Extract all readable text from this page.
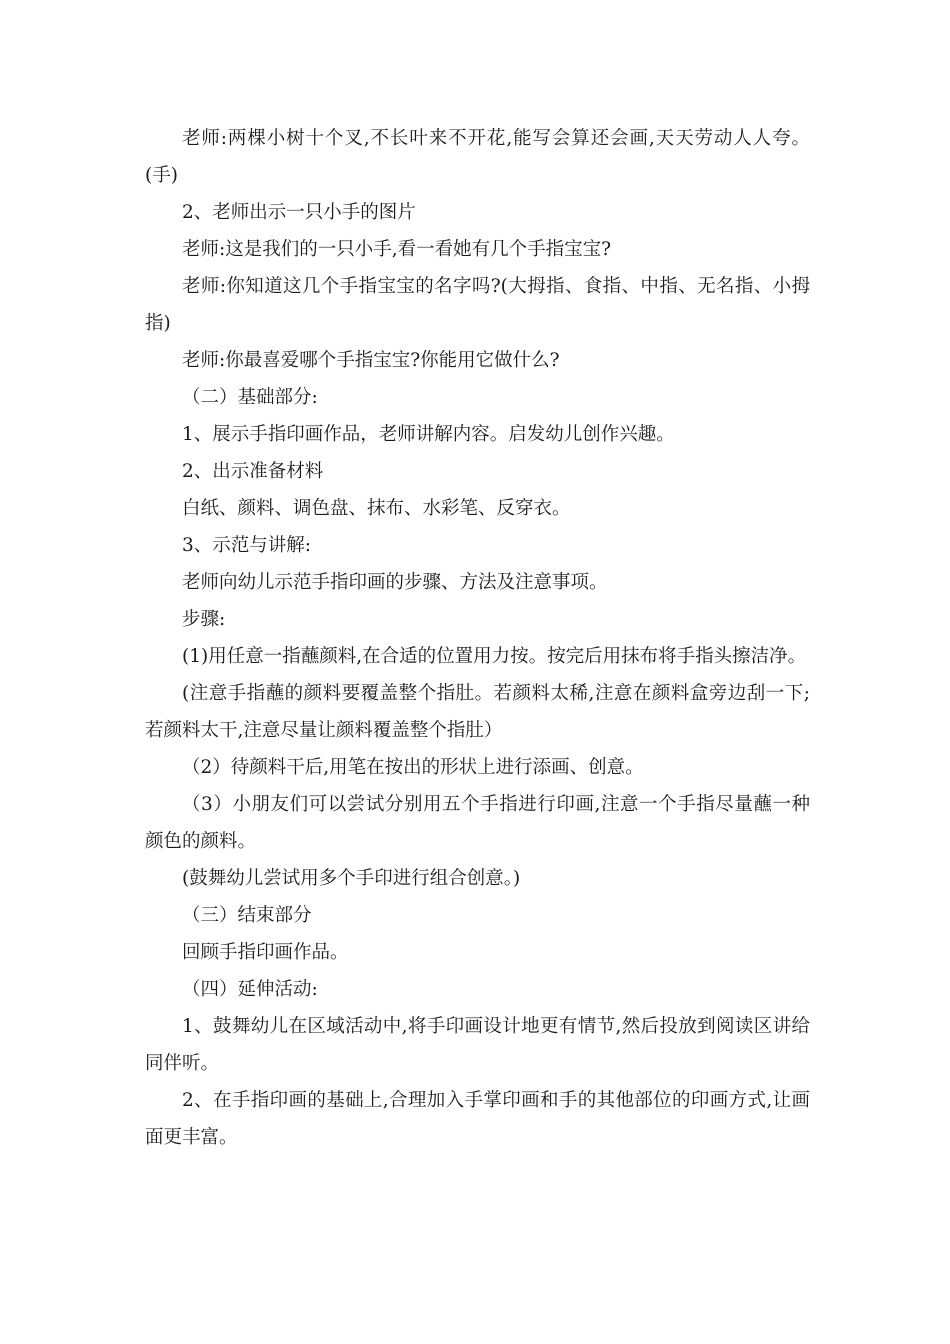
老师:两棵小树十个叉,不长叶来不开花,能写会算还会画,天天劳动人人夸。(手)

2、老师出示一只小手的图片

老师:这是我们的一只小手,看一看她有几个手指宝宝?

老师:你知道这几个手指宝宝的名字吗?(大拇指、食指、中指、无名指、小拇指)

老师:你最喜爱哪个手指宝宝?你能用它做什么?

（二）基础部分:

1、展示手指印画作品，老师讲解内容。启发幼儿创作兴趣。

2、出示准备材料

白纸、颜料、调色盘、抹布、水彩笔、反穿衣。

3、示范与讲解:

老师向幼儿示范手指印画的步骤、方法及注意事项。

步骤:

(1)用任意一指蘸颜料,在合适的位置用力按。按完后用抹布将手指头擦洁净。

(注意手指蘸的颜料要覆盖整个指肚。若颜料太稀,注意在颜料盒旁边刮一下;若颜料太干,注意尽量让颜料覆盖整个指肚）

（2）待颜料干后,用笔在按出的形状上进行添画、创意。

（3）小朋友们可以尝试分别用五个手指进行印画,注意一个手指尽量蘸一种颜色的颜料。

(鼓舞幼儿尝试用多个手印进行组合创意。)

（三）结束部分

回顾手指印画作品。

（四）延伸活动:

1、鼓舞幼儿在区域活动中,将手印画设计地更有情节,然后投放到阅读区讲给同伴听。

2、在手指印画的基础上,合理加入手掌印画和手的其他部位的印画方式,让画面更丰富。
